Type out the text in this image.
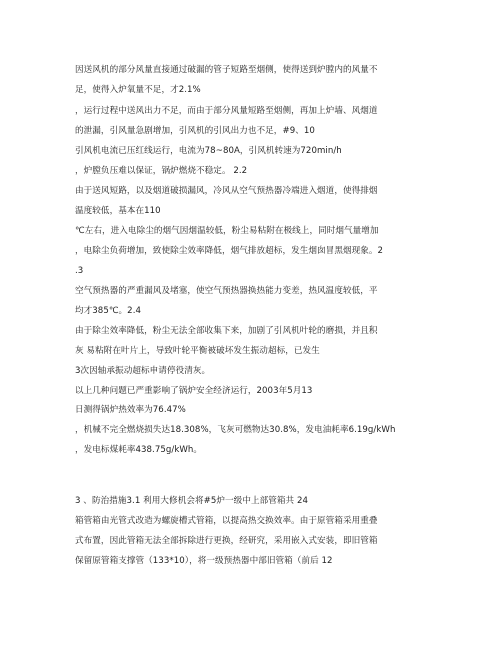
因送风机的部分风量直接通过破漏的管子短路至烟侧，使得送到炉膛内的风量不
足，使得入炉氧量不足，才2.1%
，运行过程中送风出力不足，而由于部分风量短路至烟侧，再加上炉墙、风烟道
的泄漏，引风量急剧增加，引风机的引风出力也不足，#9、10
引风机电流已压红线运行，电流为78~80A，引风机转速为720min/h
，炉膛负压难以保证，锅炉燃烧不稳定。 2.2
由于送风短路，以及烟道破损漏风，冷风从空气预热器冷端进入烟道，使得排烟
温度较低，基本在110
℃左右，进入电除尘的烟气因烟温较低，粉尘易粘附在极线上，同时烟气量增加
，电除尘负荷增加，致使除尘效率降低，烟气排放超标，发生烟囱冒黑烟现象。2
.3
空气预热器的严重漏风及堵塞，使空气预热器换热能力变差，热风温度较低，平
均才385℃。2.4
由于除尘效率降低，粉尘无法全部收集下来，加剧了引风机叶轮的磨损，并且积
灰 易粘附在叶片上，导致叶轮平衡被破坏发生振动超标，已发生
3次因轴承振动超标申请停役清灰。
以上几种问题已严重影响了锅炉安全经济运行，2003年5月13
日测得锅炉热效率为76.47%
，机械不完全燃烧损失达18.308%，飞灰可燃物达30.8%，发电油耗率6.19g/kWh
，发电标煤耗率438.75g/kWh。
3 、防治措施3.1 利用大修机会将#5炉一级中上部管箱共 24
箱管箱由光管式改造为螺旋槽式管箱，以提高热交换效率。由于原管箱采用重叠
式布置，因此管箱无法全部拆除进行更换，经研究，采用嵌入式安装，即旧管箱
保留原管箱支撑管（133*10），将一级预热器中部旧管箱（前后 12
